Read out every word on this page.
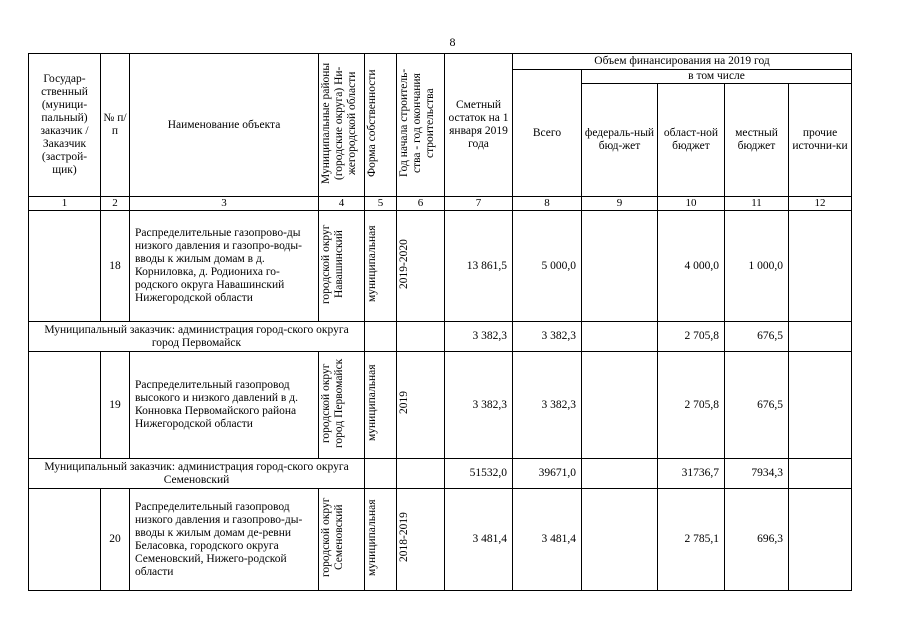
8
Государ-ственный (муници-пальный) заказчик / Заказчик (застрой-щик)	№ п/п	Наименование объекта	Муниципальные районы (городские округа) Ни-жегородской области	Форма собственности	Год начала строитель-ства - год окончания строительства	Сметный остаток на 1 января 2019 года	Объем финансирования на 2019 год				
							Всего	в том числе			
								федераль-ный бюд-жет	област-ной бюджет	местный бюджет	прочие источни-ки
1	2	3	4	5	6	7	8	9	10	11	12
	18	Распределительные газопрово-ды низкого давления и газопро-воды-вводы к жилым домам в д. Корниловка, д. Родиониха го-родского округа Навашинский Нижегородской области	городской округ Навашинский	муниципальная	2019-2020	13 861,5	5 000,0		4 000,0	1 000,0	
Муниципальный заказчик: администрация город-ского округа город Первомайск						3 382,3	3 382,3		2 705,8	676,5	
	19	Распределительный газопровод высокого и низкого давлений в д. Конновка Первомайского района Нижегородской области	городской округ город Первомайск	муниципальная	2019	3 382,3	3 382,3		2 705,8	676,5	
Муниципальный заказчик: администрация город-ского округа Семеновский						51532,0	39671,0		31736,7	7934,3	
	20	Распределительный газопровод низкого давления и газопрово-ды-вводы к жилым домам де-ревни Беласовка, городского округа Семеновский, Нижего-родской области	городской округ Семеновский	муниципальная	2018-2019	3 481,4	3 481,4		2 785,1	696,3	
